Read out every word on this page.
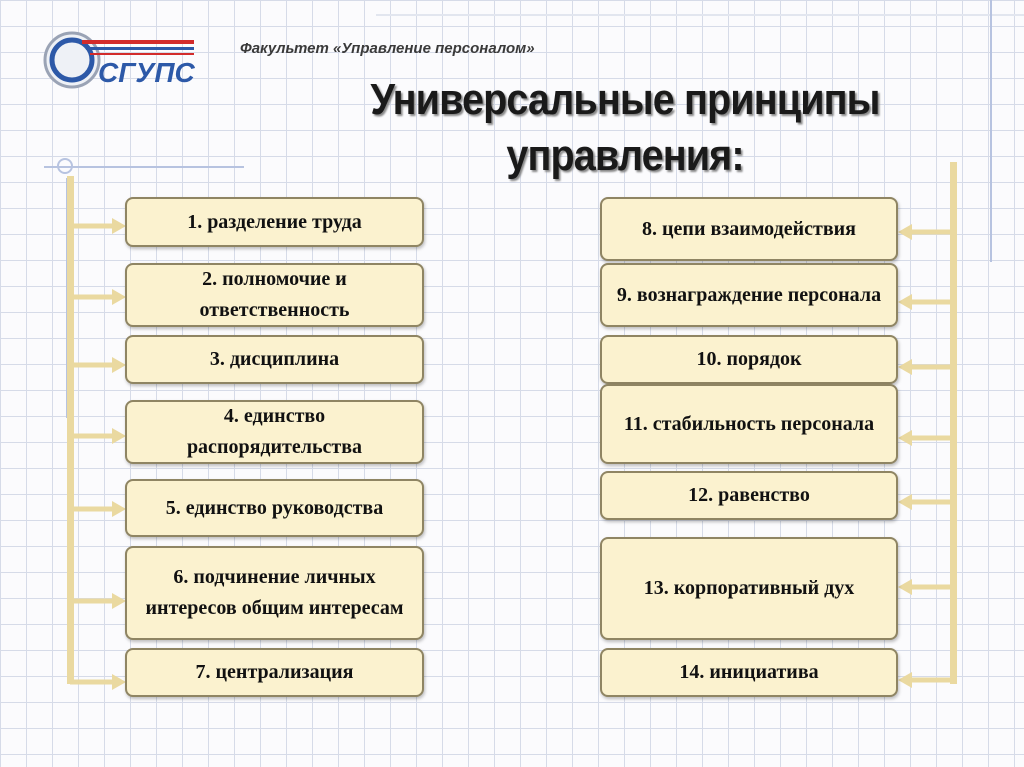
СГУПС
Факультет «Управление персоналом»
Универсальные принципы
управления:
1. разделение труда
2. полномочие и ответственность
3. дисциплина
4. единство распорядительства
5. единство руководства
6. подчинение личных интересов общим интересам
7. централизация
8. цепи взаимодействия
9. вознаграждение персонала
10. порядок
11. стабильность персонала
12. равенство
13. корпоративный дух
14. инициатива
